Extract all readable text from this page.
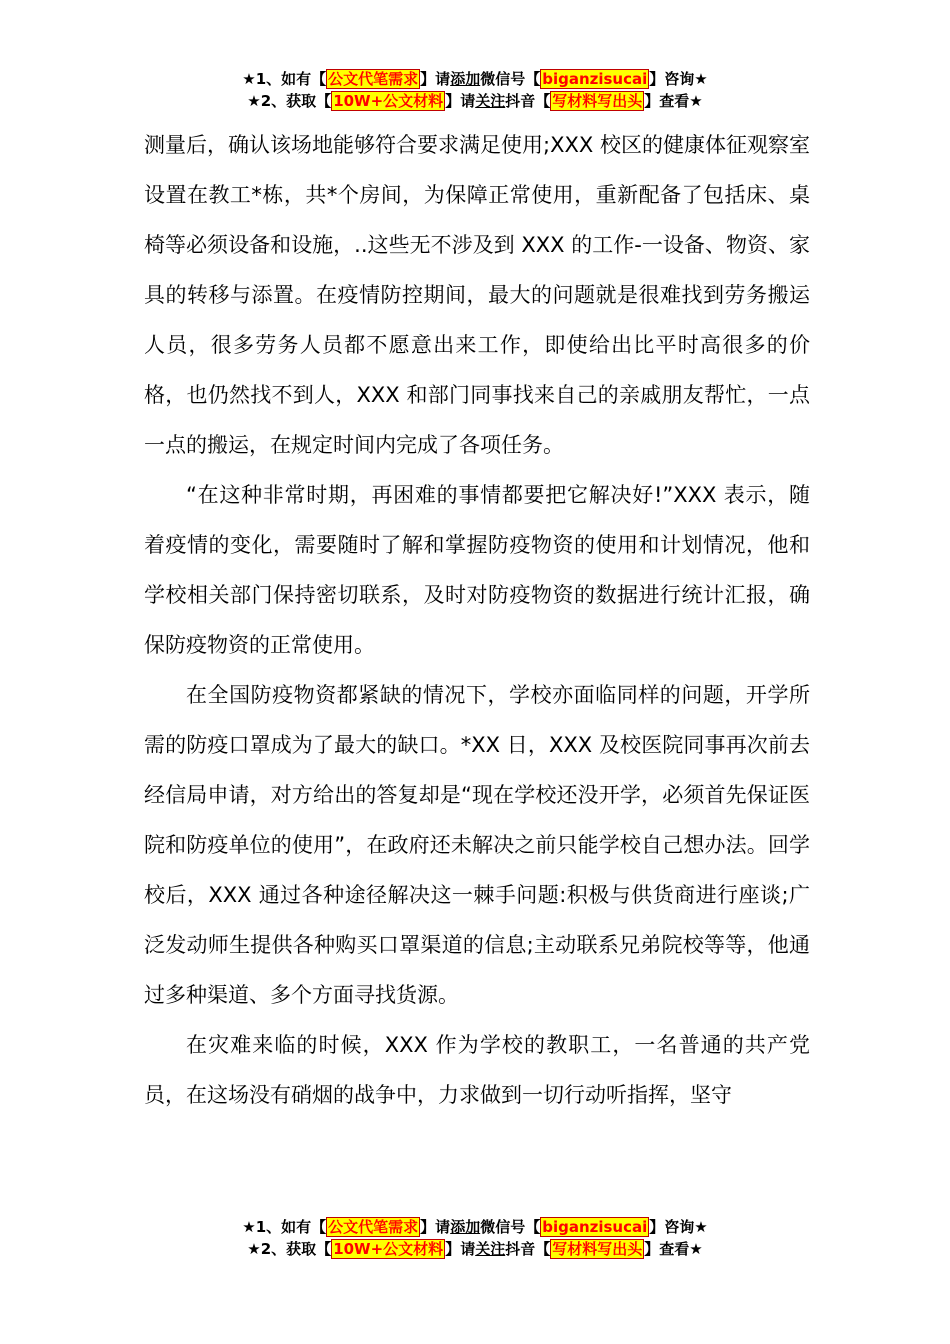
★1、如有【 公文代笔需求 】请添加微信号【 biganzisucai 】咨询★
★2、获取【 10W+公文材料 】请关注抖音【 写材料写出头 】查看★

测量后，确认该场地能够符合要求满足使用;XXX 校区的健康体征观察室设置在教工*栋，共*个房间，为保障正常使用，重新配备了包括床、桌椅等必须设备和设施，..这些无不涉及到 XXX 的工作-一设备、物资、家具的转移与添置。在疫情防控期间，最大的问题就是很难找到劳务搬运人员，很多劳务人员都不愿意出来工作，即使给出比平时高很多的价格，也仍然找不到人，XXX 和部门同事找来自己的亲戚朋友帮忙，一点一点的搬运，在规定时间内完成了各项任务。

“在这种非常时期，再困难的事情都要把它解决好!”XXX 表示，随着疫情的变化，需要随时了解和掌握防疫物资的使用和计划情况，他和学校相关部门保持密切联系，及时对防疫物资的数据进行统计汇报，确保防疫物资的正常使用。

在全国防疫物资都紧缺的情况下，学校亦面临同样的问题，开学所需的防疫口罩成为了最大的缺口。*XX 日，XXX 及校医院同事再次前去经信局申请，对方给出的答复却是“现在学校还没开学，必须首先保证医院和防疫单位的使用”，在政府还未解决之前只能学校自己想办法。回学校后，XXX 通过各种途径解决这一棘手问题:积极与供货商进行座谈;广泛发动师生提供各种购买口罩渠道的信息;主动联系兄弟院校等等，他通过多种渠道、多个方面寻找货源。

在灾难来临的时候，XXX 作为学校的教职工，一名普通的共产党员，在这场没有硝烟的战争中，力求做到一切行动听指挥，坚守

★1、如有【 公文代笔需求 】请添加微信号【 biganzisucai 】咨询★
★2、获取【 10W+公文材料 】请关注抖音【 写材料写出头 】查看★
